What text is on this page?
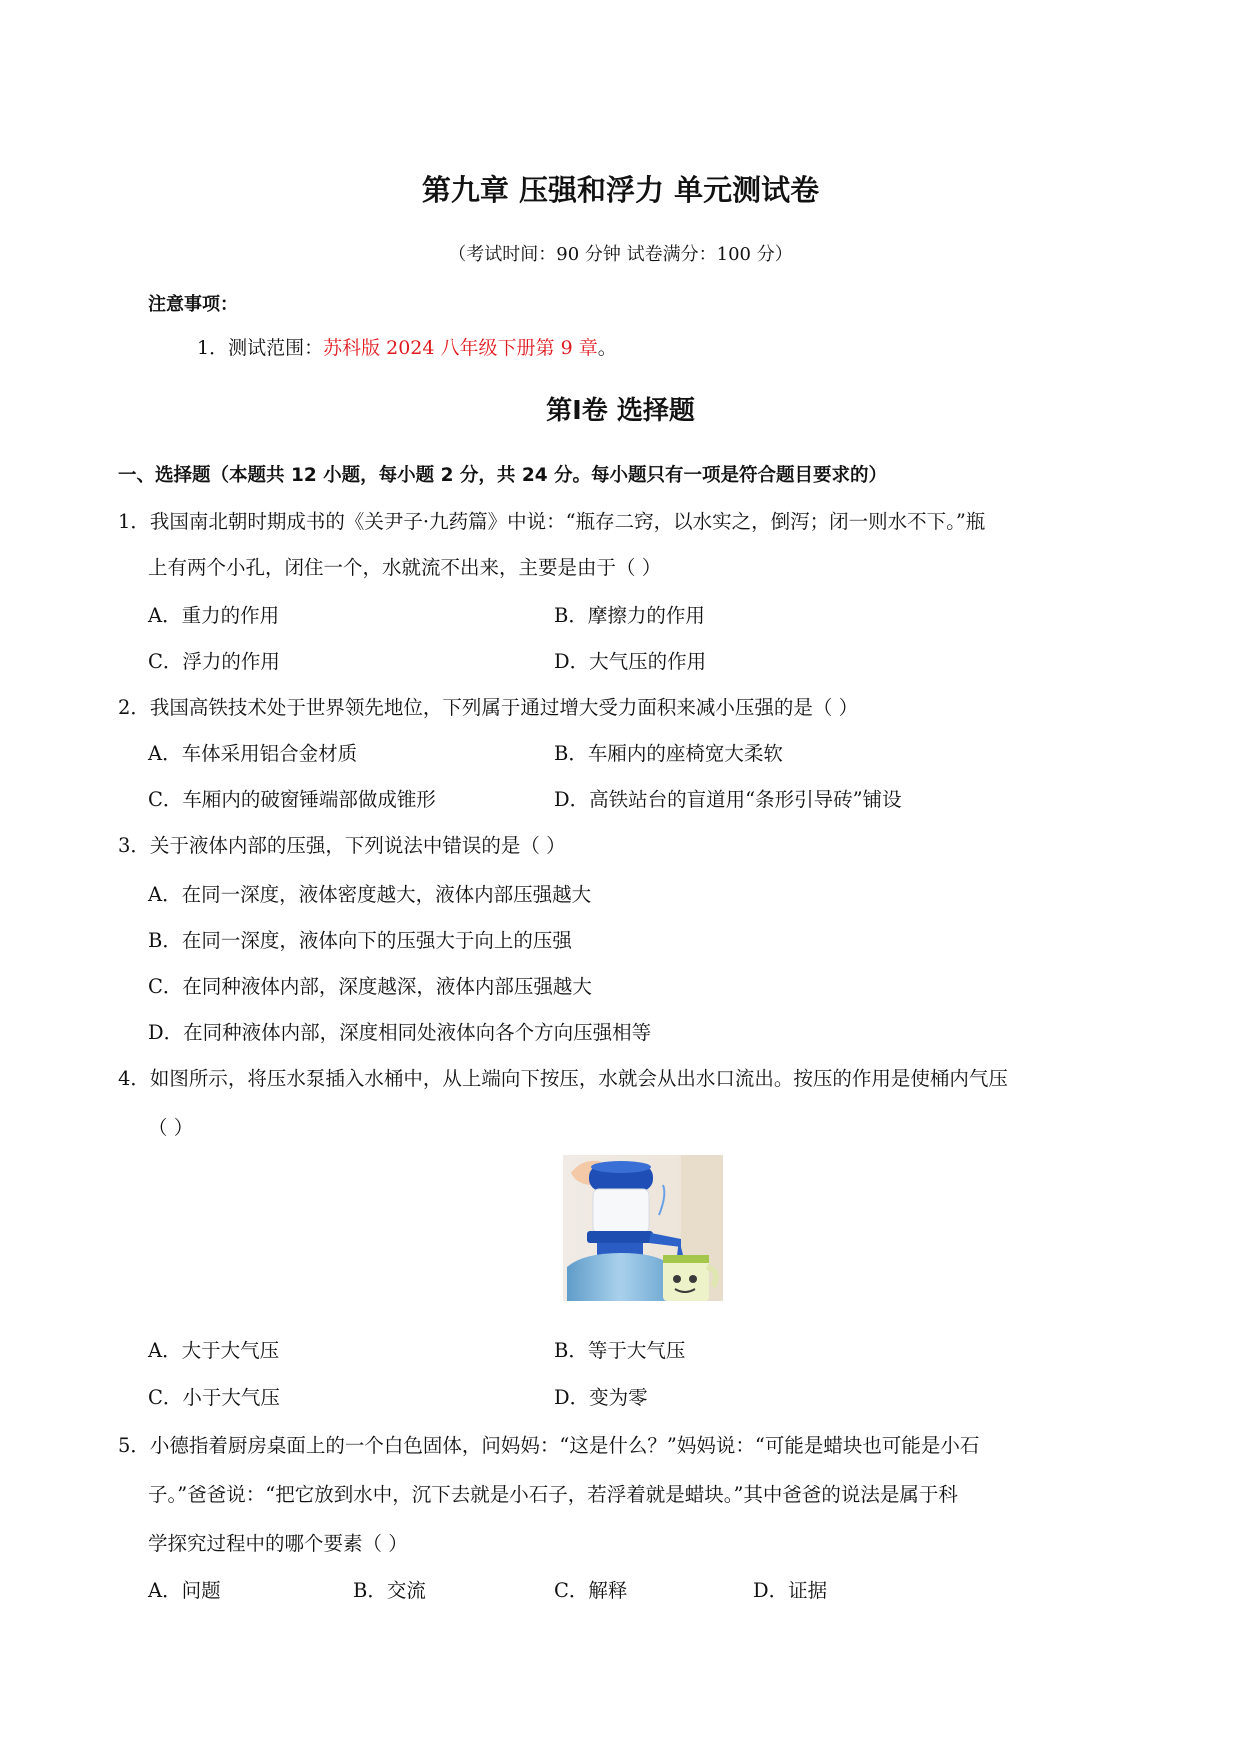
第九章 压强和浮力 单元测试卷
（考试时间：90 分钟 试卷满分：100 分）
注意事项：
1．测试范围：苏科版 2024 八年级下册第 9 章。
第Ⅰ卷 选择题
一、选择题（本题共 12 小题，每小题 2 分，共 24 分。每小题只有一项是符合题目要求的）
1．我国南北朝时期成书的《关尹子·九药篇》中说：“瓶存二窍，以水实之，倒泻；闭一则水不下。”瓶
上有两个小孔，闭住一个，水就流不出来，主要是由于（ ）
A．重力的作用	B．摩擦力的作用
C．浮力的作用	D．大气压的作用
2．我国高铁技术处于世界领先地位，下列属于通过增大受力面积来减小压强的是（ ）
A．车体采用铝合金材质	B．车厢内的座椅宽大柔软
C．车厢内的破窗锤端部做成锥形	D．高铁站台的盲道用“条形引导砖”铺设
3．关于液体内部的压强，下列说法中错误的是（ ）
A．在同一深度，液体密度越大，液体内部压强越大
B．在同一深度，液体向下的压强大于向上的压强
C．在同种液体内部，深度越深，液体内部压强越大
D．在同种液体内部，深度相同处液体向各个方向压强相等
4．如图所示，将压水泵插入水桶中，从上端向下按压，水就会从出水口流出。按压的作用是使桶内气压
（ ）
A．大于大气压	B．等于大气压
C．小于大气压	D．变为零
5．小德指着厨房桌面上的一个白色固体，问妈妈：“这是什么？”妈妈说：“可能是蜡块也可能是小石
子。”爸爸说：“把它放到水中，沉下去就是小石子，若浮着就是蜡块。”其中爸爸的说法是属于科
学探究过程中的哪个要素（ ）
A．问题	B．交流	C．解释	D．证据
